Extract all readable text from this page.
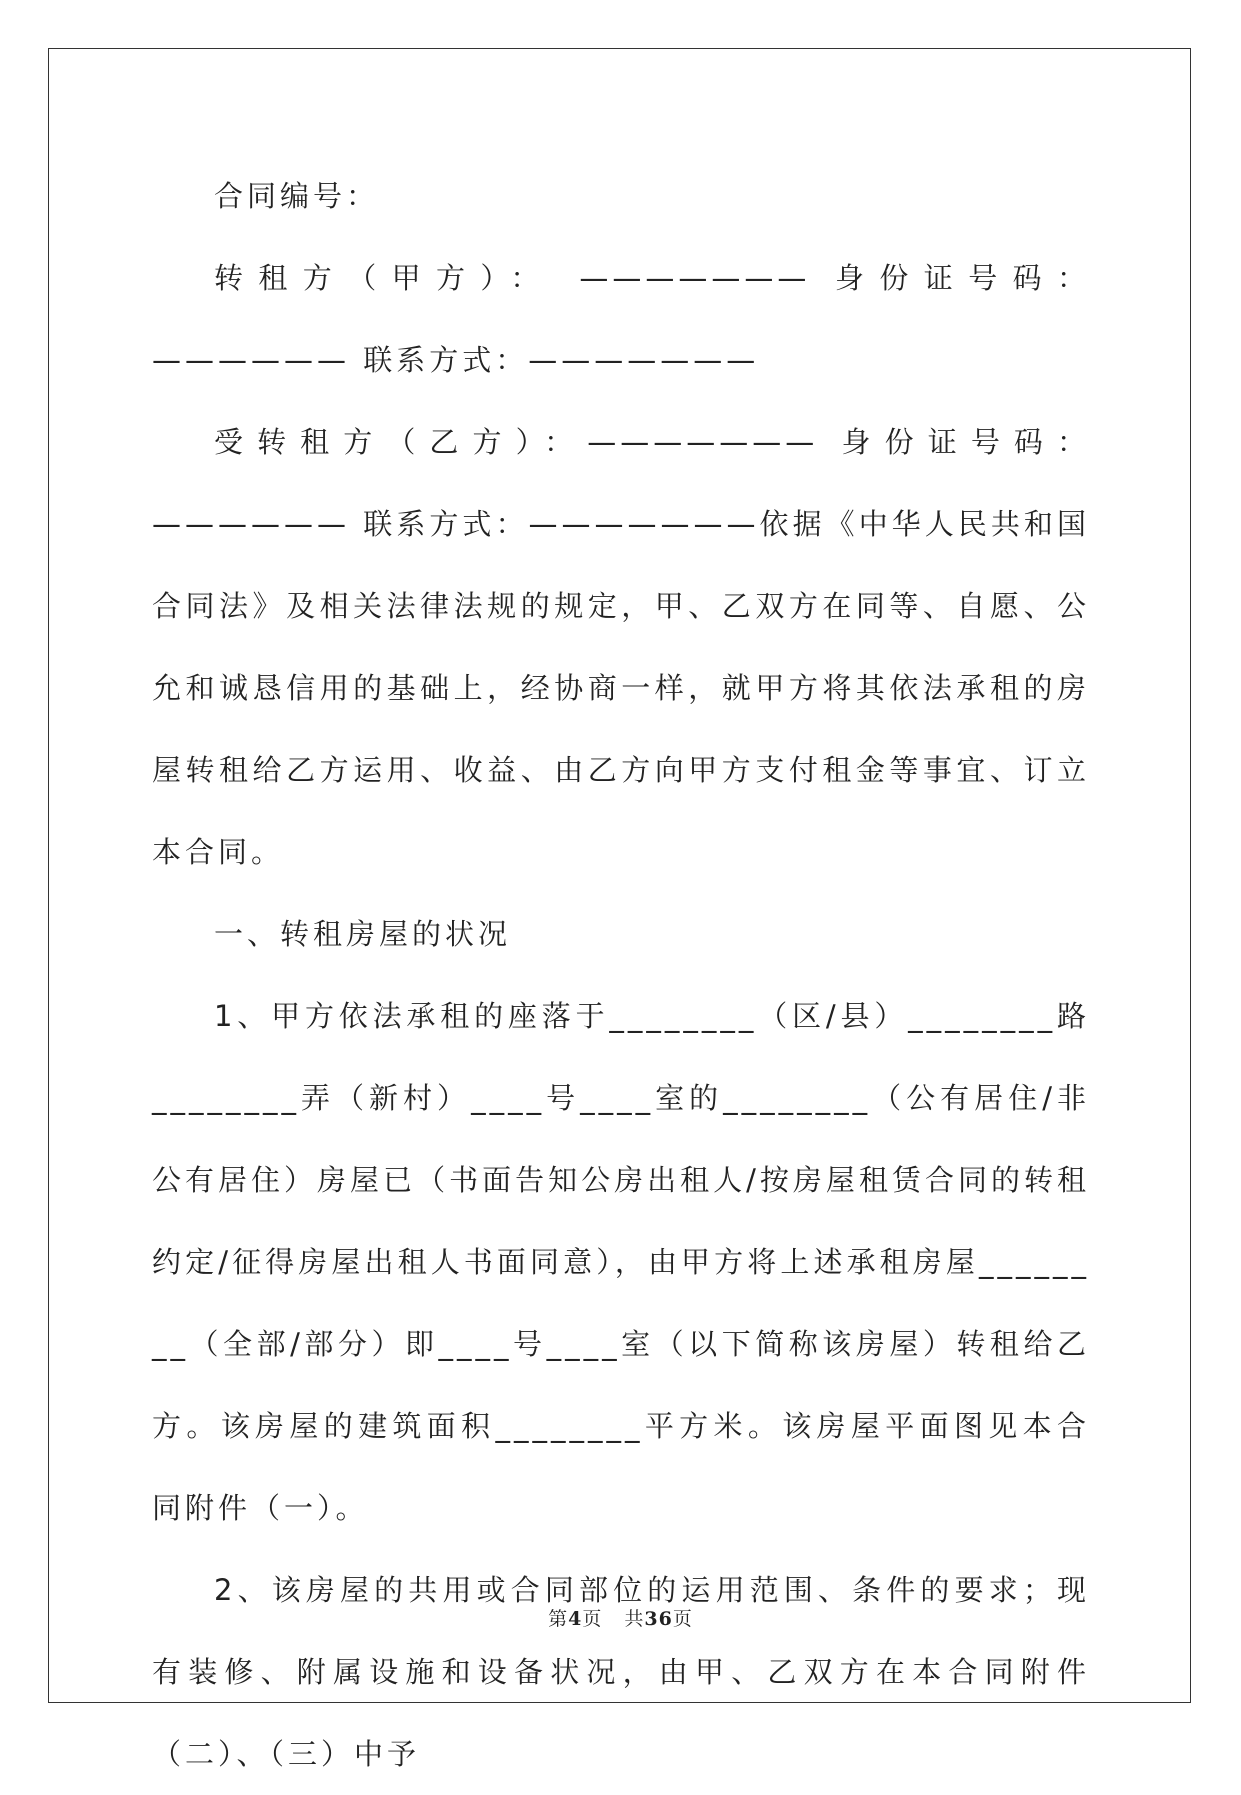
合同编号：

转租方（甲方）： ——————— 身份证号码：—————— 联系方式：———————

受转租方（乙方）：——————— 身份证号码：—————— 联系方式：———————依据《中华人民共和国合同法》及相关法律法规的规定，甲、乙双方在同等、自愿、公允和诚恳信用的基础上，经协商一样，就甲方将其依法承租的房屋转租给乙方运用、收益、由乙方向甲方支付租金等事宜、订立本合同。

一、转租房屋的状况

1、甲方依法承租的座落于________（区/县）________路________弄（新村）____号____室的________（公有居住/非公有居住）房屋已（书面告知公房出租人/按房屋租赁合同的转租约定/征得房屋出租人书面同意），由甲方将上述承租房屋________（全部/部分）即____号____室（以下简称该房屋）转租给乙方。该房屋的建筑面积________平方米。该房屋平面图见本合同附件（一）。

2、该房屋的共用或合同部位的运用范围、条件的要求；现有装修、附属设施和设备状况，由甲、乙双方在本合同附件（二）、（三）中予

第4页 共36页
